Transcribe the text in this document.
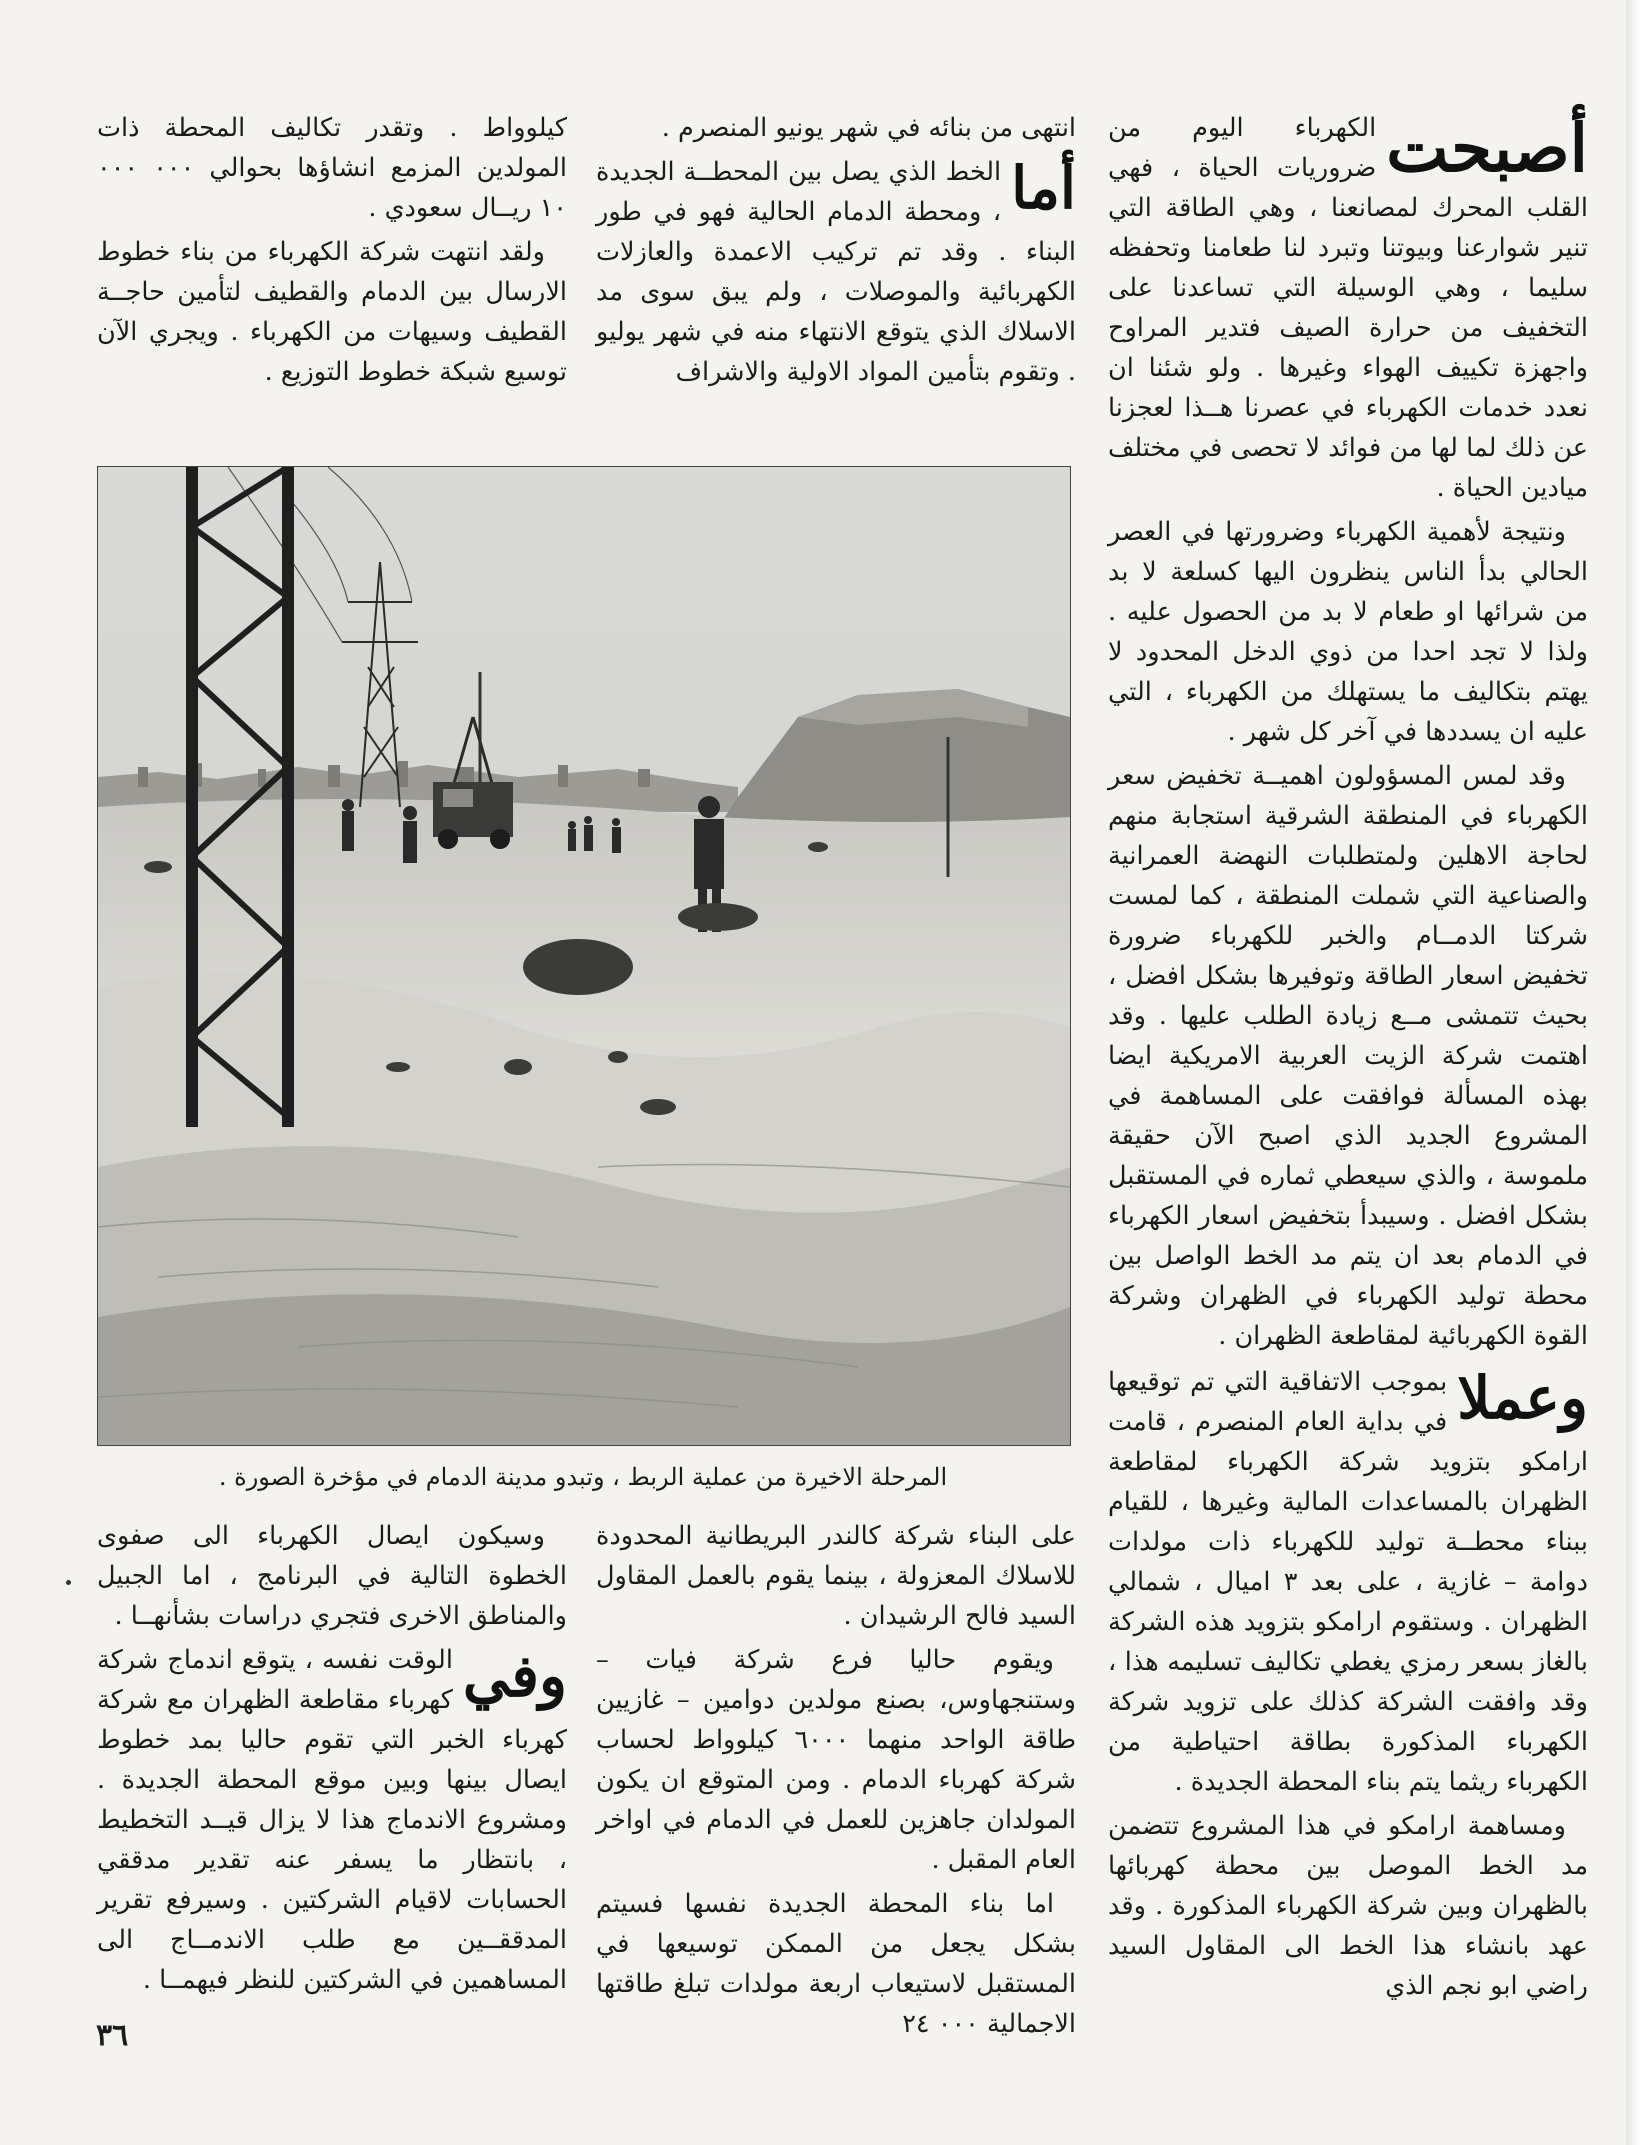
أصبحت
الكهرباء اليوم من ضروريات الحياة ، فهي القلب المحرك لمصانعنا ، وهي الطاقة التي تنير شوارعنا وبيوتنا وتبرد لنا طعامنا وتحفظه سليما ، وهي الوسيلة التي تساعدنا على التخفيف من حرارة الصيف فتدير المراوح واجهزة تكييف الهواء وغيرها . ولو شئنا ان نعدد خدمات الكهرباء في عصرنا هــذا لعجزنا عن ذلك لما لها من فوائد لا تحصى في مختلف ميادين الحياة .

ونتيجة لأهمية الكهرباء وضرورتها في العصر الحالي بدأ الناس ينظرون اليها كسلعة لا بد من شرائها او طعام لا بد من الحصول عليه . ولذا لا تجد احدا من ذوي الدخل المحدود لا يهتم بتكاليف ما يستهلك من الكهرباء ، التي عليه ان يسددها في آخر كل شهر .

وقد لمس المسؤولون اهميــة تخفيض سعر الكهرباء في المنطقة الشرقية استجابة منهم لحاجة الاهلين ولمتطلبات النهضة العمرانية والصناعية التي شملت المنطقة ، كما لمست شركتا الدمــام والخبر للكهرباء ضرورة تخفيض اسعار الطاقة وتوفيرها بشكل افضل ، بحيث تتمشى مــع زيادة الطلب عليها . وقد اهتمت شركة الزيت العربية الامريكية ايضا بهذه المسألة فوافقت على المساهمة في المشروع الجديد الذي اصبح الآن حقيقة ملموسة ، والذي سيعطي ثماره في المستقبل بشكل افضل . وسيبدأ بتخفيض اسعار الكهرباء في الدمام بعد ان يتم مد الخط الواصل بين محطة توليد الكهرباء في الظهران وشركة القوة الكهربائية لمقاطعة الظهران .

وعملا
بموجب الاتفاقية التي تم توقيعها في بداية العام المنصرم ، قامت ارامكو بتزويد شركة الكهرباء لمقاطعة الظهران بالمساعدات المالية وغيرها ، للقيام ببناء محطــة توليد للكهرباء ذات مولدات دوامة – غازية ، على بعد ٣ اميال ، شمالي الظهران . وستقوم ارامكو بتزويد هذه الشركة بالغاز بسعر رمزي يغطي تكاليف تسليمه هذا ، وقد وافقت الشركة كذلك على تزويد شركة الكهرباء المذكورة بطاقة احتياطية من الكهرباء ريثما يتم بناء المحطة الجديدة .

ومساهمة ارامكو في هذا المشروع تتضمن مد الخط الموصل بين محطة كهربائها بالظهران وبين شركة الكهرباء المذكورة . وقد عهد بانشاء هذا الخط الى المقاول السيد راضي ابو نجم الذي

انتهى من بنائه في شهر يونيو المنصرم .

أما
الخط الذي يصل بين المحطــة الجديدة ، ومحطة الدمام الحالية فهو في طور البناء . وقد تم تركيب الاعمدة والعازلات الكهربائية والموصلات ، ولم يبق سوى مد الاسلاك الذي يتوقع الانتهاء منه في شهر يوليو . وتقوم بتأمين المواد الاولية والاشراف

كيلوواط . وتقدر تكاليف المحطة ذات المولدين المزمع انشاؤها بحوالي ٠٠٠ ٠٠٠ ١٠ ريــال سعودي .

ولقد انتهت شركة الكهرباء من بناء خطوط الارسال بين الدمام والقطيف لتأمين حاجــة القطيف وسيهات من الكهرباء . ويجري الآن توسيع شبكة خطوط التوزيع .

المرحلة الاخيرة من عملية الربط ، وتبدو مدينة الدمام في مؤخرة الصورة .

على البناء شركة كالندر البريطانية المحدودة للاسلاك المعزولة ، بينما يقوم بالعمل المقاول السيد فالح الرشيدان .

ويقوم حاليا فرع شركة فيات – وستنجهاوس، بصنع مولدين دوامين – غازيين طاقة الواحد منهما ٦٠٠٠ كيلوواط لحساب شركة كهرباء الدمام . ومن المتوقع ان يكون المولدان جاهزين للعمل في الدمام في اواخر العام المقبل .

اما بناء المحطة الجديدة نفسها فسيتم بشكل يجعل من الممكن توسيعها في المستقبل لاستيعاب اربعة مولدات تبلغ طاقتها الاجمالية ٠٠٠ ٢٤

وسيكون ايصال الكهرباء الى صفوى الخطوة التالية في البرنامج ، اما الجبيل والمناطق الاخرى فتجري دراسات بشأنهــا .

وفي
الوقت نفسه ، يتوقع اندماج شركة كهرباء مقاطعة الظهران مع شركة كهرباء الخبر التي تقوم حاليا بمد خطوط ايصال بينها وبين موقع المحطة الجديدة . ومشروع الاندماج هذا لا يزال قيــد التخطيط ، بانتظار ما يسفر عنه تقدير مدققي الحسابات لاقيام الشركتين . وسيرفع تقرير المدققــين مع طلب الاندمــاج الى المساهمين في الشركتين للنظر فيهمــا .

٣٦
